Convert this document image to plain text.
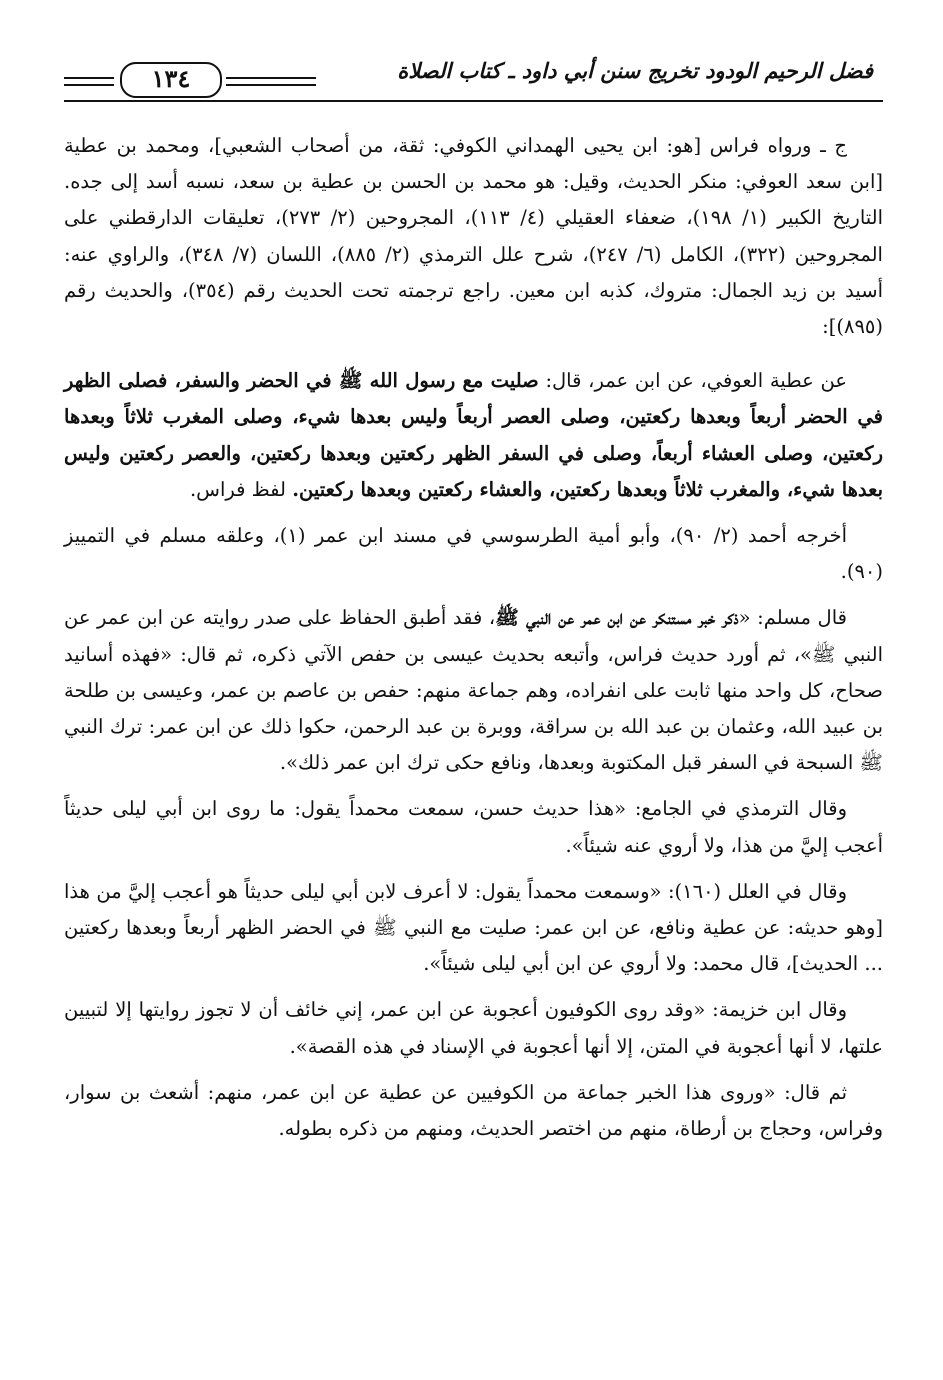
فضل الرحيم الودود تخريج سنن أبي داود ـ كتاب الصلاة
١٣٤

ج ـ ورواه فراس [هو: ابن يحيى الهمداني الكوفي: ثقة، من أصحاب الشعبي]، ومحمد بن عطية [ابن سعد العوفي: منكر الحديث، وقيل: هو محمد بن الحسن بن عطية بن سعد، نسبه أسد إلى جده. التاريخ الكبير (١/ ١٩٨)، ضعفاء العقيلي (٤/ ١١٣)، المجروحين (٢/ ٢٧٣)، تعليقات الدارقطني على المجروحين (٣٢٢)، الكامل (٦/ ٢٤٧)، شرح علل الترمذي (٢/ ٨٨٥)، اللسان (٧/ ٣٤٨)، والراوي عنه: أسيد بن زيد الجمال: متروك، كذبه ابن معين. راجع ترجمته تحت الحديث رقم (٣٥٤)، والحديث رقم (٨٩٥)]:

عن عطية العوفي، عن ابن عمر، قال: صليت مع رسول الله ﷺ في الحضر والسفر، فصلى الظهر في الحضر أربعاً وبعدها ركعتين، وصلى العصر أربعاً وليس بعدها شيء، وصلى المغرب ثلاثاً وبعدها ركعتين، وصلى العشاء أربعاً، وصلى في السفر الظهر ركعتين وبعدها ركعتين، والعصر ركعتين وليس بعدها شيء، والمغرب ثلاثاً وبعدها ركعتين، والعشاء ركعتين وبعدها ركعتين. لفظ فراس.

أخرجه أحمد (٢/ ٩٠)، وأبو أمية الطرسوسي في مسند ابن عمر (١)، وعلقه مسلم في التمييز (٩٠).

قال مسلم: «ذكر خبر مستنكر عن ابن عمر عن النبي ﷺ، فقد أطبق الحفاظ على صدر روايته عن ابن عمر عن النبي ﷺ»، ثم أورد حديث فراس، وأتبعه بحديث عيسى بن حفص الآتي ذكره، ثم قال: «فهذه أسانيد صحاح، كل واحد منها ثابت على انفراده، وهم جماعة منهم: حفص بن عاصم بن عمر، وعيسى بن طلحة بن عبيد الله، وعثمان بن عبد الله بن سراقة، ووبرة بن عبد الرحمن، حكوا ذلك عن ابن عمر: ترك النبي ﷺ السبحة في السفر قبل المكتوبة وبعدها، ونافع حكى ترك ابن عمر ذلك».

وقال الترمذي في الجامع: «هذا حديث حسن، سمعت محمداً يقول: ما روى ابن أبي ليلى حديثاً أعجب إليَّ من هذا، ولا أروي عنه شيئاً».

وقال في العلل (١٦٠): «وسمعت محمداً يقول: لا أعرف لابن أبي ليلى حديثاً هو أعجب إليَّ من هذا [وهو حديثه: عن عطية ونافع، عن ابن عمر: صليت مع النبي ﷺ في الحضر الظهر أربعاً وبعدها ركعتين ... الحديث]، قال محمد: ولا أروي عن ابن أبي ليلى شيئاً».

وقال ابن خزيمة: «وقد روى الكوفيون أعجوبة عن ابن عمر، إني خائف أن لا تجوز روايتها إلا لتبيين علتها، لا أنها أعجوبة في المتن، إلا أنها أعجوبة في الإسناد في هذه القصة».

ثم قال: «وروى هذا الخبر جماعة من الكوفيين عن عطية عن ابن عمر، منهم: أشعث بن سوار، وفراس، وحجاج بن أرطاة، منهم من اختصر الحديث، ومنهم من ذكره بطوله.
